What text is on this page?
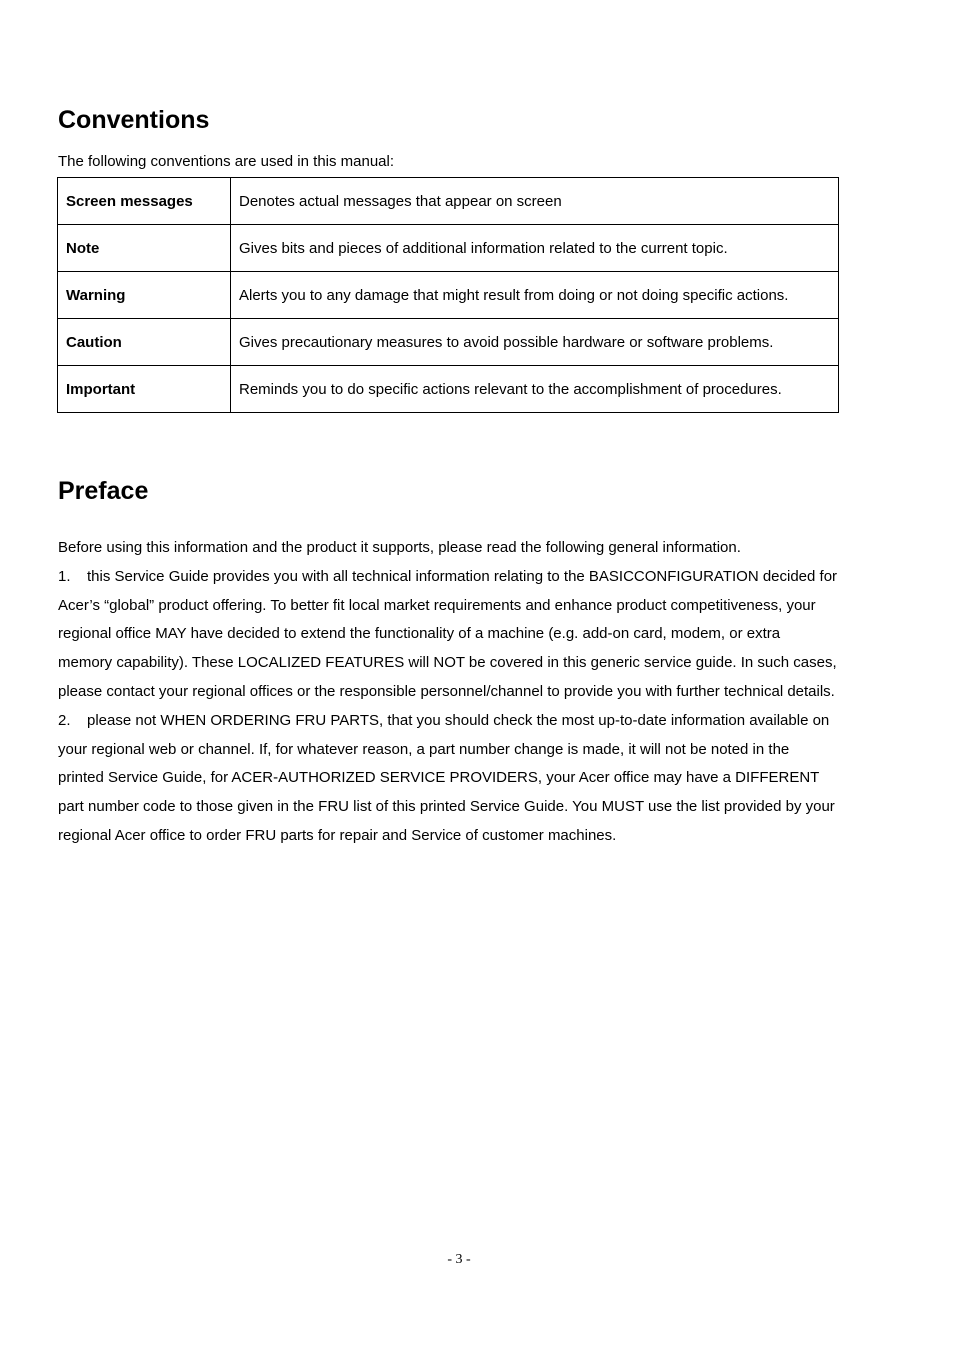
Conventions

The following conventions are used in this manual:

Screen messages	Denotes actual messages that appear on screen
Note	Gives bits and pieces of additional information related to the current topic.
Warning	Alerts you to any damage that might result from doing or not doing specific actions.
Caution	Gives precautionary measures to avoid possible hardware or software problems.
Important	Reminds you to do specific actions relevant to the accomplishment of procedures.
Preface

Before using this information and the product it supports, please read the following general information.

1. this Service Guide provides you with all technical information relating to the BASICCONFIGURATION decided for Acer’s “global” product offering. To better fit local market requirements and enhance product competitiveness, your regional office MAY have decided to extend the functionality of a machine (e.g. add-on card, modem, or extra memory capability). These LOCALIZED FEATURES will NOT be covered in this generic service guide. In such cases, please contact your regional offices or the responsible personnel/channel to provide you with further technical details.

2. please not WHEN ORDERING FRU PARTS, that you should check the most up-to-date information available on your regional web or channel. If, for whatever reason, a part number change is made, it will not be noted in the printed Service Guide, for ACER-AUTHORIZED SERVICE PROVIDERS, your Acer office may have a DIFFERENT part number code to those given in the FRU list of this printed Service Guide. You MUST use the list provided by your regional Acer office to order FRU parts for repair and Service of customer machines.

- 3 -
